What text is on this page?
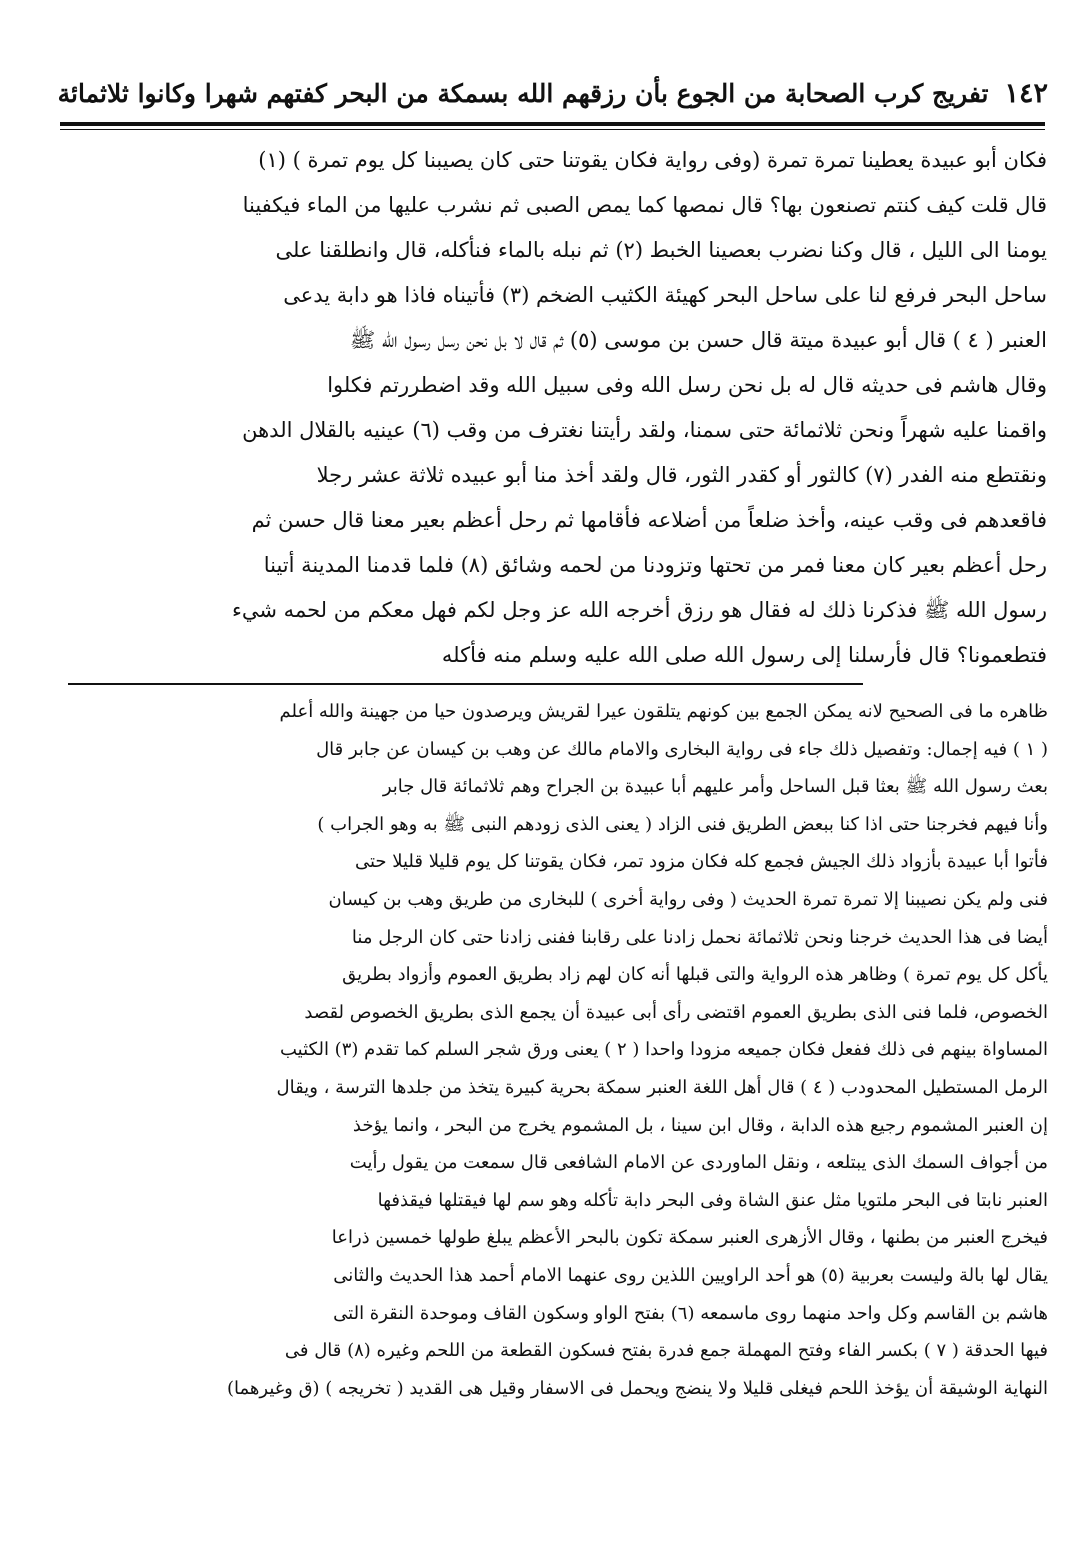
١٤٢
تفريج كرب الصحابة من الجوع بأن رزقهم الله بسمكة من البحر كفتهم شهرا وكانوا ثلاثمائة
فكان أبو عبيدة يعطينا تمرة تمرة (وفى رواية فكان يقوتنا حتى كان يصيبنا كل يوم تمرة ) (١)
قال قلت كيف كنتم تصنعون بها؟ قال نمصها كما يمص الصبى ثم نشرب عليها من الماء فيكفينا
يومنا الى الليل ، قال وكنا نضرب بعصينا الخبط (٢) ثم نبله بالماء فنأكله، قال وانطلقنا على
ساحل البحر فرفع لنا على ساحل البحر كهيئة الكثيب الضخم (٣) فأتيناه فاذا هو دابة يدعى
العنبر ( ٤ ) قال أبو عبيدة ميتة قال حسن بن موسى (٥) ثم قال لا بل نحن رسل رسول الله ﷺ
وقال هاشم فى حديثه قال له بل نحن رسل الله وفى سبيل الله وقد اضطررتم فكلوا
واقمنا عليه شهراً ونحن ثلاثمائة حتى سمنا، ولقد رأيتنا نغترف من وقب (٦) عينيه بالقلال الدهن
ونقتطع منه الفدر (٧) كالثور أو كقدر الثور، قال ولقد أخذ منا أبو عبيده ثلاثة عشر رجلا
فاقعدهم فى وقب عينه، وأخذ ضلعاً من أضلاعه فأقامها ثم رحل أعظم بعير معنا قال حسن ثم
رحل أعظم بعير كان معنا فمر من تحتها وتزودنا من لحمه وشائق (٨) فلما قدمنا المدينة أتينا
رسول الله ﷺ فذكرنا ذلك له فقال هو رزق أخرجه الله عز وجل لكم فهل معكم من لحمه شيء
فتطعمونا؟ قال فأرسلنا إلى رسول الله صلى الله عليه وسلم منه فأكله
ظاهره ما فى الصحيح لانه يمكن الجمع بين كونهم يتلقون عيرا لقريش ويرصدون حيا من جهينة والله أعلم
( ١ ) فيه إجمال: وتفصيل ذلك جاء فى رواية البخارى والامام مالك عن وهب بن كيسان عن جابر قال
بعث رسول الله ﷺ بعثا قبل الساحل وأمر عليهم أبا عبيدة بن الجراح وهم ثلاثمائة قال جابر
وأنا فيهم فخرجنا حتى اذا كنا ببعض الطريق فنى الزاد ( يعنى الذى زودهم النبى ﷺ به وهو الجراب )
فأتوا أبا عبيدة بأزواد ذلك الجيش فجمع كله فكان مزود تمر، فكان يقوتنا كل يوم قليلا قليلا حتى
فنى ولم يكن نصيبنا إلا تمرة تمرة الحديث ( وفى رواية أخرى ) للبخارى من طريق وهب بن كيسان
أيضا فى هذا الحديث خرجنا ونحن ثلاثمائة نحمل زادنا على رقابنا ففنى زادنا حتى كان الرجل منا
يأكل كل يوم تمرة ) وظاهر هذه الرواية والتى قبلها أنه كان لهم زاد بطريق العموم وأزواد بطريق
الخصوص، فلما فنى الذى بطريق العموم اقتضى رأى أبى عبيدة أن يجمع الذى بطريق الخصوص لقصد
المساواة بينهم فى ذلك ففعل فكان جميعه مزودا واحدا ( ٢ ) يعنى ورق شجر السلم كما تقدم (٣) الكثيب
الرمل المستطيل المحدودب ( ٤ ) قال أهل اللغة العنبر سمكة بحرية كبيرة يتخذ من جلدها الترسة ، ويقال
إن العنبر المشموم رجيع هذه الدابة ، وقال ابن سينا ، بل المشموم يخرج من البحر ، وانما يؤخذ
من أجواف السمك الذى يبتلعه ، ونقل الماوردى عن الامام الشافعى قال سمعت من يقول رأيت
العنبر نابتا فى البحر ملتويا مثل عنق الشاة وفى البحر دابة تأكله وهو سم لها فيقتلها فيقذفها
فيخرج العنبر من بطنها ، وقال الأزهرى العنبر سمكة تكون بالبحر الأعظم يبلغ طولها خمسين ذراعا
يقال لها بالة وليست بعربية (٥) هو أحد الراويين اللذين روى عنهما الامام أحمد هذا الحديث والثانى
هاشم بن القاسم وكل واحد منهما روى ماسمعه (٦) بفتح الواو وسكون القاف وموحدة النقرة التى
فيها الحدقة ( ٧ ) بكسر الفاء وفتح المهملة جمع فدرة بفتح فسكون القطعة من اللحم وغيره (٨) قال فى
النهاية الوشيقة أن يؤخذ اللحم فيغلى قليلا ولا ينضج ويحمل فى الاسفار وقيل هى القديد ( تخريجه ) (ق وغيرهما)
